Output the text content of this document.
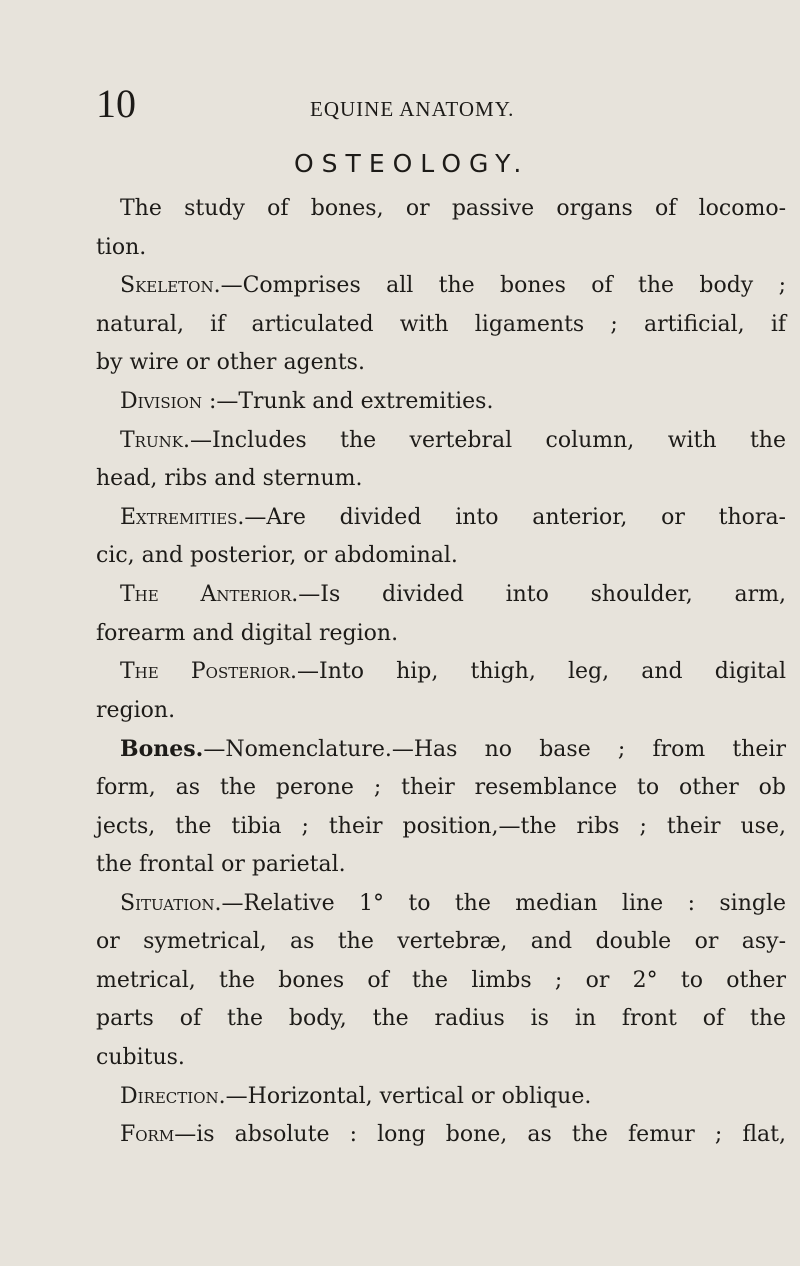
10	EQUINE ANATOMY.
OSTEOLOGY.
The study of bones, or passive organs of locomo-
tion.
Skeleton.—Comprises all the bones of the body ;
natural, if articulated with ligaments ; artificial, if
by wire or other agents.
Division :—Trunk and extremities.
Trunk.—Includes the vertebral column, with the
head, ribs and sternum.
Extremities.—Are divided into anterior, or thora-
cic, and posterior, or abdominal.
The Anterior.—Is divided into shoulder, arm,
forearm and digital region.
The Posterior.—Into hip, thigh, leg, and digital
region.
Bones.—Nomenclature.—Has no base ; from their
form, as the perone ; their resemblance to other ob
jects, the tibia ; their position,—the ribs ; their use,
the frontal or parietal.
Situation.—Relative 1° to the median line : single
or symetrical, as the vertebræ, and double or asy-
metrical, the bones of the limbs ; or 2° to other
parts of the body, the radius is in front of the
cubitus.
Direction.—Horizontal, vertical or oblique.
Form—is absolute : long bone, as the femur ; flat,
